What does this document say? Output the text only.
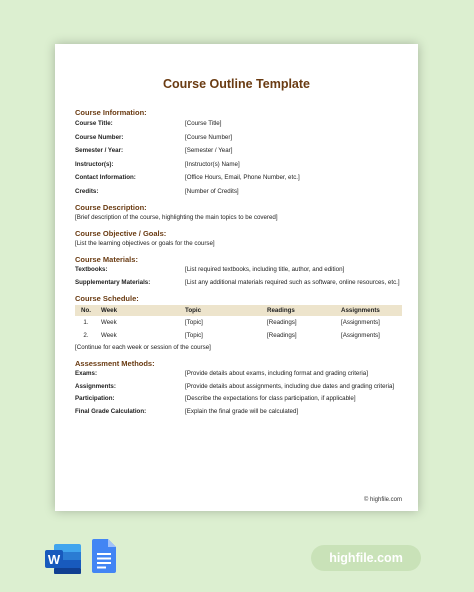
Course Outline Template
Course Information:
Course Title:	[Course Title]
Course Number:	[Course Number]
Semester / Year:	[Semester / Year]
Instructor(s):	[Instructor(s) Name]
Contact Information:	[Office Hours, Email, Phone Number, etc.]
Credits:	[Number of Credits]
Course Description:
[Brief description of the course, highlighting the main topics to be covered]
Course Objective / Goals:
[List the learning objectives or goals for the course]
Course Materials:
Textbooks:	[List required textbooks, including title, author, and edition]
Supplementary Materials:	[List any additional materials required such as software, online resources, etc.]
Course Schedule:
No.	Week	Topic	Readings	Assignments
1.	Week	[Topic]	[Readings]	[Assignments]
2.	Week	[Topic]	[Readings]	[Assignments]
[Continue for each week or session of the course]
Assessment Methods:
Exams:	[Provide details about exams, including format and grading criteria]
Assignments:	[Provide details about assignments, including due dates and grading criteria]
Participation:	[Describe the expectations for class participation, if applicable]
Final Grade Calculation:	[Explain the final grade will be calculated]
© highfile.com
W	highfile.com
